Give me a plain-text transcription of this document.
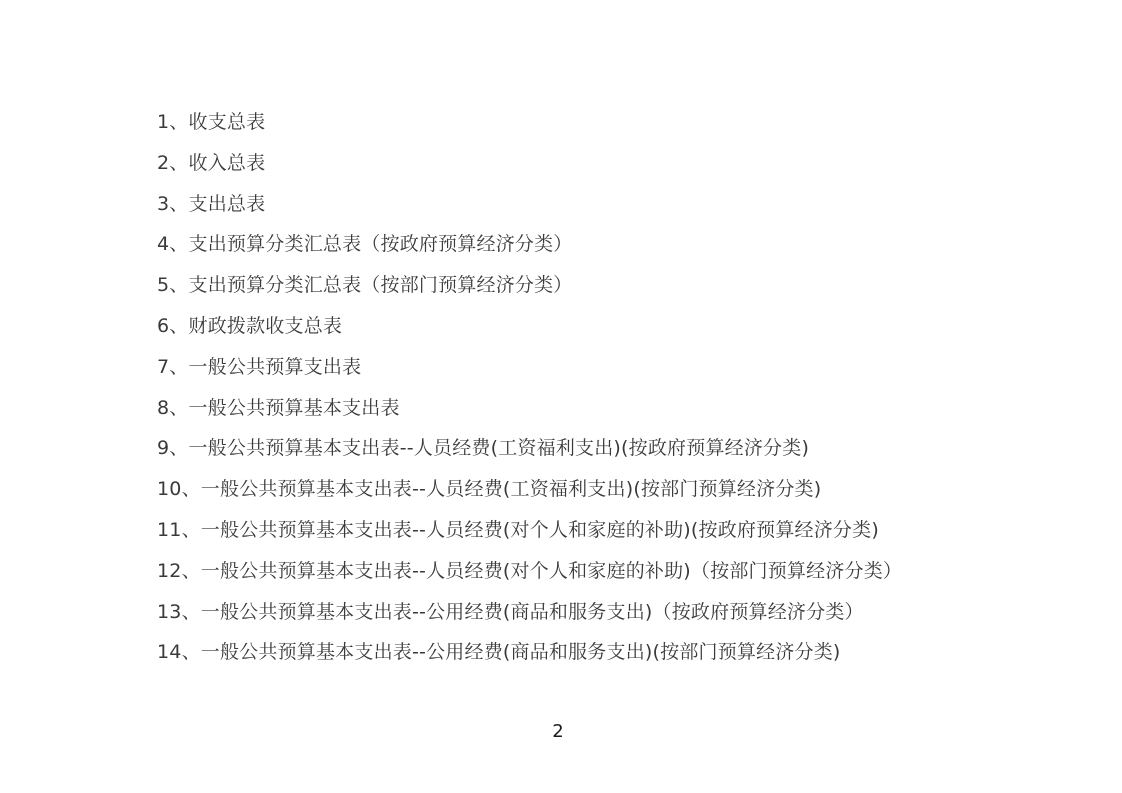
1、收支总表
2、收入总表
3、支出总表
4、支出预算分类汇总表（按政府预算经济分类）
5、支出预算分类汇总表（按部门预算经济分类）
6、财政拨款收支总表
7、一般公共预算支出表
8、一般公共预算基本支出表
9、一般公共预算基本支出表--人员经费(工资福利支出)(按政府预算经济分类)
10、一般公共预算基本支出表--人员经费(工资福利支出)(按部门预算经济分类)
11、一般公共预算基本支出表--人员经费(对个人和家庭的补助)(按政府预算经济分类)
12、一般公共预算基本支出表--人员经费(对个人和家庭的补助)（按部门预算经济分类）
13、一般公共预算基本支出表--公用经费(商品和服务支出)（按政府预算经济分类）
14、一般公共预算基本支出表--公用经费(商品和服务支出)(按部门预算经济分类)
2
